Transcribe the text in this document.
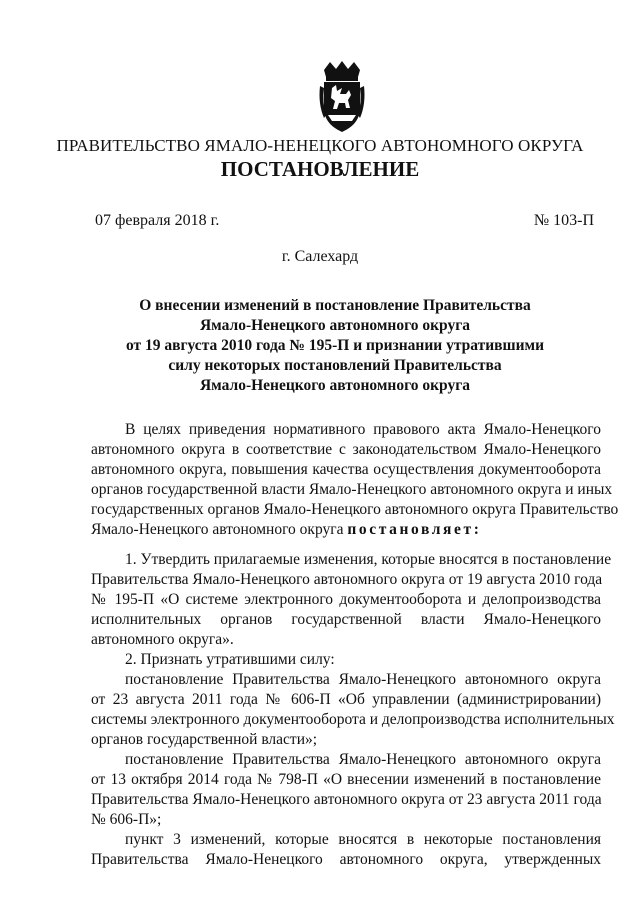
ПРАВИТЕЛЬСТВО ЯМАЛО-НЕНЕЦКОГО АВТОНОМНОГО ОКРУГА
ПОСТАНОВЛЕНИЕ
07 февраля 2018 г.	№ 103-П
г. Салехард
О внесении изменений в постановление Правительства
Ямало-Ненецкого автономного округа
от 19 августа 2010 года № 195-П и признании утратившими
силу некоторых постановлений Правительства
Ямало-Ненецкого автономного округа
В целях приведения нормативного правового акта Ямало-Ненецкого
автономного округа в соответствие с законодательством Ямало-Ненецкого
автономного округа, повышения качества осуществления документооборота
органов государственной власти Ямало-Ненецкого автономного округа и иных
государственных органов Ямало-Ненецкого автономного округа Правительство
Ямало-Ненецкого автономного округа постановляет:
1. Утвердить прилагаемые изменения, которые вносятся в постановление
Правительства Ямало-Ненецкого автономного округа от 19 августа 2010 года
№ 195-П «О системе электронного документооборота и делопроизводства
исполнительных органов государственной власти Ямало-Ненецкого
автономного округа».
2. Признать утратившими силу:
постановление Правительства Ямало-Ненецкого автономного округа
от 23 августа 2011 года № 606-П «Об управлении (администрировании)
системы электронного документооборота и делопроизводства исполнительных
органов государственной власти»;
постановление Правительства Ямало-Ненецкого автономного округа
от 13 октября 2014 года № 798-П «О внесении изменений в постановление
Правительства Ямало-Ненецкого автономного округа от 23 августа 2011 года
№ 606-П»;
пункт 3 изменений, которые вносятся в некоторые постановления
Правительства Ямало-Ненецкого автономного округа, утвержденных
